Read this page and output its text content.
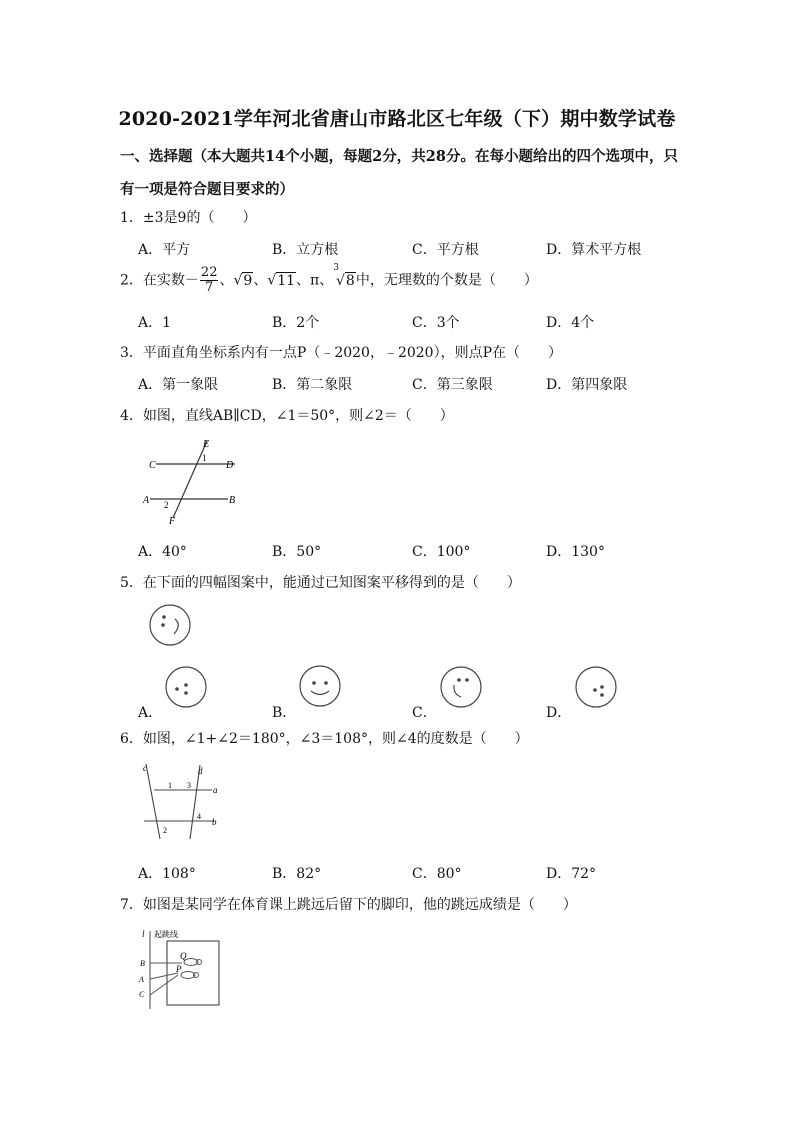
2020-2021学年河北省唐山市路北区七年级（下）期中数学试卷
一、选择题（本大题共14个小题，每题2分，共28分。在每小题给出的四个选项中，只
有一项是符合题目要求的）
1．±3是9的（　　）
A．平方	B．立方根	C．平方根	D．算术平方根
2．在实数－ $\frac{22}{7}$ 、√9、√11、π、$^3$√8中，无理数的个数是（　　）
A．1	B．2个	C．3个	D．4个
3．平面直角坐标系内有一点P（﹣2020，﹣2020），则点P在（　　）
A．第一象限	B．第二象限	C．第三象限	D．第四象限
4．如图，直线AB∥CD，∠1＝50°，则∠2＝（　　）
E
C
1
D
A 2	B
F
A．40°	B．50°	C．100°	D．130°
5．在下面的四幅图案中，能通过已知图案平移得到的是（　　）
A．	B．	C．	D．
6．如图，∠1+∠2＝180°，∠3＝108°，则∠4的度数是（　　）
c	d
1 3 a
4
b
2
A．108°	B．82°	C．80°	D．72°
7．如图是某同学在体育课上跳远后留下的脚印，他的跳远成绩是（　　）
l 起跳线
B
A
C
Q
P
